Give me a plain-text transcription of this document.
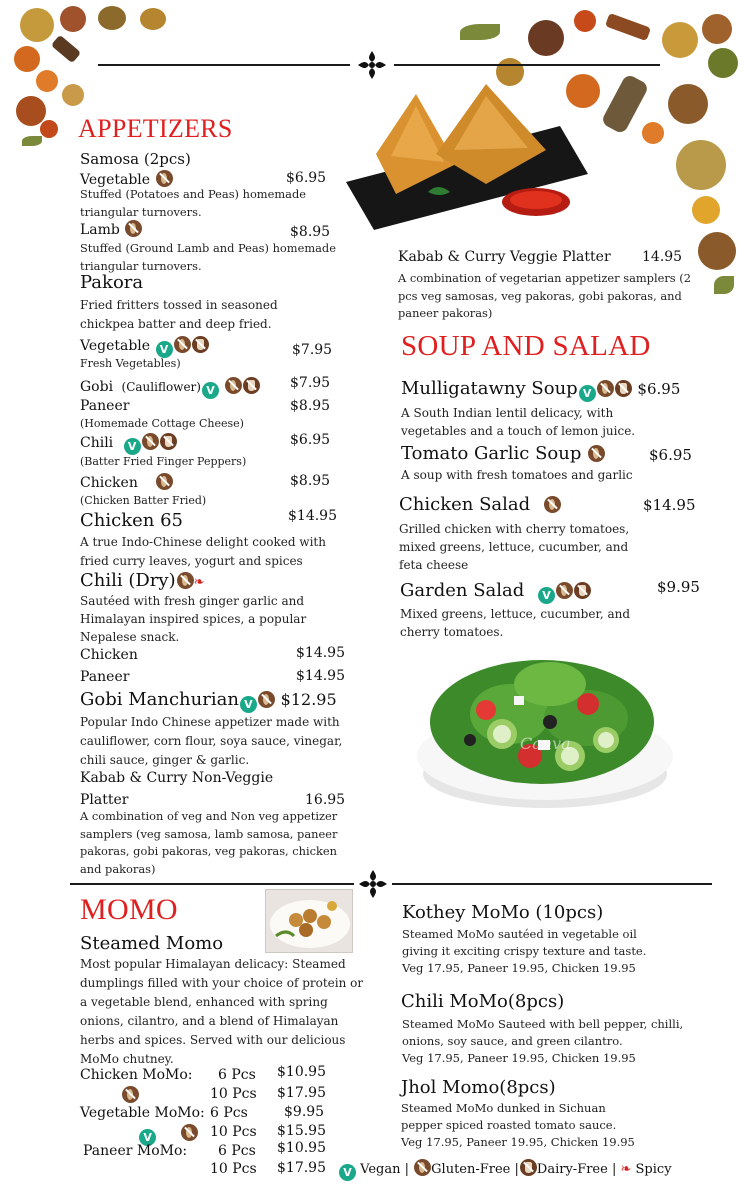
APPETIZERS
Samosa (2pcs)
Vegetable	$6.95
Stuffed (Potatoes and Peas) homemade triangular turnovers.
Lamb	$8.95
Stuffed (Ground Lamb and Peas) homemade triangular turnovers.
Pakora
Fried fritters tossed in seasoned chickpea batter and deep fried.
Vegetable V	$7.95
Fresh Vegetables)
Gobi (Cauliflower) V	$7.95
Paneer	$8.95
(Homemade Cottage Cheese)
Chili V	$6.95
(Batter Fried Finger Peppers)
Chicken	$8.95
(Chicken Batter Fried)
Chicken 65	$14.95
A true Indo-Chinese delight cooked with fried curry leaves, yogurt and spices
Chili (Dry) ❧
Sautéed with fresh ginger garlic and Himalayan inspired spices, a popular Nepalese snack.
Chicken	$14.95
Paneer	$14.95
Gobi Manchurian V $12.95
Popular Indo Chinese appetizer made with cauliflower, corn flour, soya sauce, vinegar, chili sauce, ginger & garlic.
Kabab & Curry Non-Veggie
Platter	16.95
A combination of veg and Non veg appetizer samplers (veg samosa, lamb samosa, paneer pakoras, gobi pakoras, veg pakoras, chicken and pakoras)
Kabab & Curry Veggie Platter 14.95
A combination of vegetarian appetizer samplers (2 pcs veg samosas, veg pakoras, gobi pakoras, and paneer pakoras)
SOUP AND SALAD
Mulligatawny Soup V	$6.95
A South Indian lentil delicacy, with vegetables and a touch of lemon juice.
Tomato Garlic Soup	$6.95
A soup with fresh tomatoes and garlic
Chicken Salad	$14.95
Grilled chicken with cherry tomatoes, mixed greens, lettuce, cucumber, and feta cheese
Garden Salad V	$9.95
Mixed greens, lettuce, cucumber, and cherry tomatoes.
Canva
MOMO
Steamed Momo
Most popular Himalayan delicacy: Steamed dumplings filled with your choice of protein or a vegetable blend, enhanced with spring onions, cilantro, and a blend of Himalayan herbs and spices. Served with our delicious MoMo chutney.
Chicken MoMo: 6 Pcs $10.95

10 Pcs $17.95
Vegetable MoMo: 6 Pcs	$9.95
V	10 Pcs $15.95
Paneer MoMo: 6 Pcs $10.95
10 Pcs $17.95
Kothey MoMo (10pcs)
Steamed MoMo sautéed in vegetable oil
giving it exciting crispy texture and taste.
Veg 17.95, Paneer 19.95, Chicken 19.95
Chili MoMo(8pcs)
Steamed MoMo Sauteed with bell pepper, chilli,
onions, soy sauce, and green cilantro.
Veg 17.95, Paneer 19.95, Chicken 19.95
Jhol Momo(8pcs)
Steamed MoMo dunked in Sichuan
pepper spiced roasted tomato sauce.
Veg 17.95, Paneer 19.95, Chicken 19.95
V Vegan | Gluten-Free | Dairy-Free | ❧ Spicy
